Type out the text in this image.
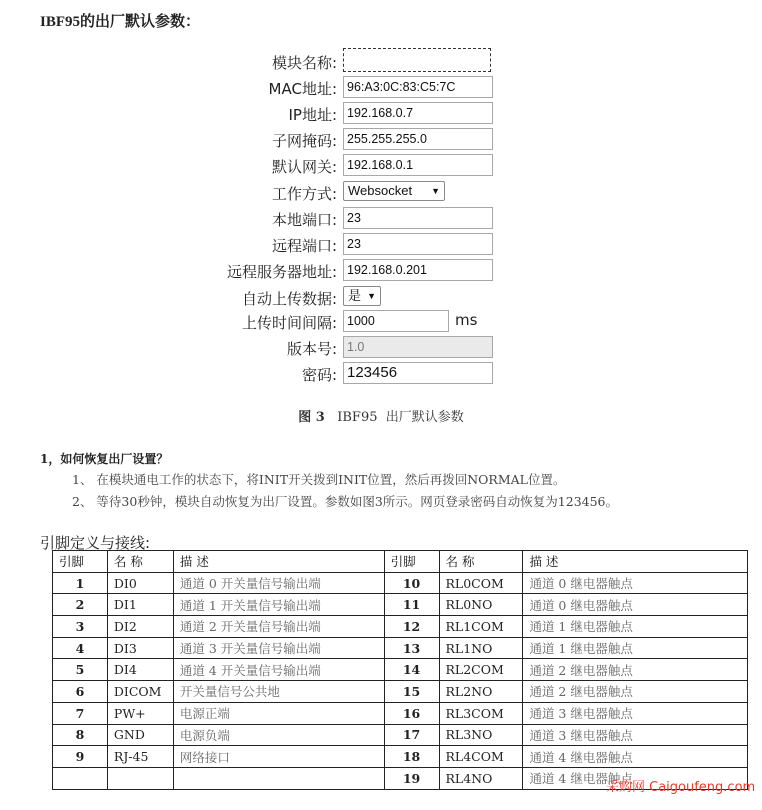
IBF95的出厂默认参数：
模块名称:
MAC地址: 96:A3:0C:83:C5:7C
IP地址: 192.168.0.7
子网掩码: 255.255.255.0
默认网关: 192.168.0.1
工作方式: Websocket ▼
本地端口: 23
远程端口: 23
远程服务器地址: 192.168.0.201
自动上传数据: 是 ▼
上传时间间隔: 1000	ms
版本号: 1.0
密码: 123456
图 3 IBF95  出厂默认参数
1，如何恢复出厂设置？
1、 在模块通电工作的状态下，将INIT开关拨到INIT位置，然后再拨回NORMAL位置。
2、 等待30秒钟，模块自动恢复为出厂设置。参数如图3所示。网页登录密码自动恢复为123456。
引脚定义与接线:
引脚	名 称	描 述	引脚	名 称	描 述
1	DI0	通道 0 开关量信号输出端	10	RL0COM	通道 0 继电器触点
2	DI1	通道 1 开关量信号输出端	11	RL0NO	通道 0 继电器触点
3	DI2	通道 2 开关量信号输出端	12	RL1COM	通道 1 继电器触点
4	DI3	通道 3 开关量信号输出端	13	RL1NO	通道 1 继电器触点
5	DI4	通道 4 开关量信号输出端	14	RL2COM	通道 2 继电器触点
6	DICOM	开关量信号公共地	15	RL2NO	通道 2 继电器触点
7	PW+	电源正端	16	RL3COM	通道 3 继电器触点
8	GND	电源负端	17	RL3NO	通道 3 继电器触点
9	RJ-45	网络接口	18	RL4COM	通道 4 继电器触点
			19	RL4NO	通道 4 继电器触点
采购网 Caigoufeng.com
